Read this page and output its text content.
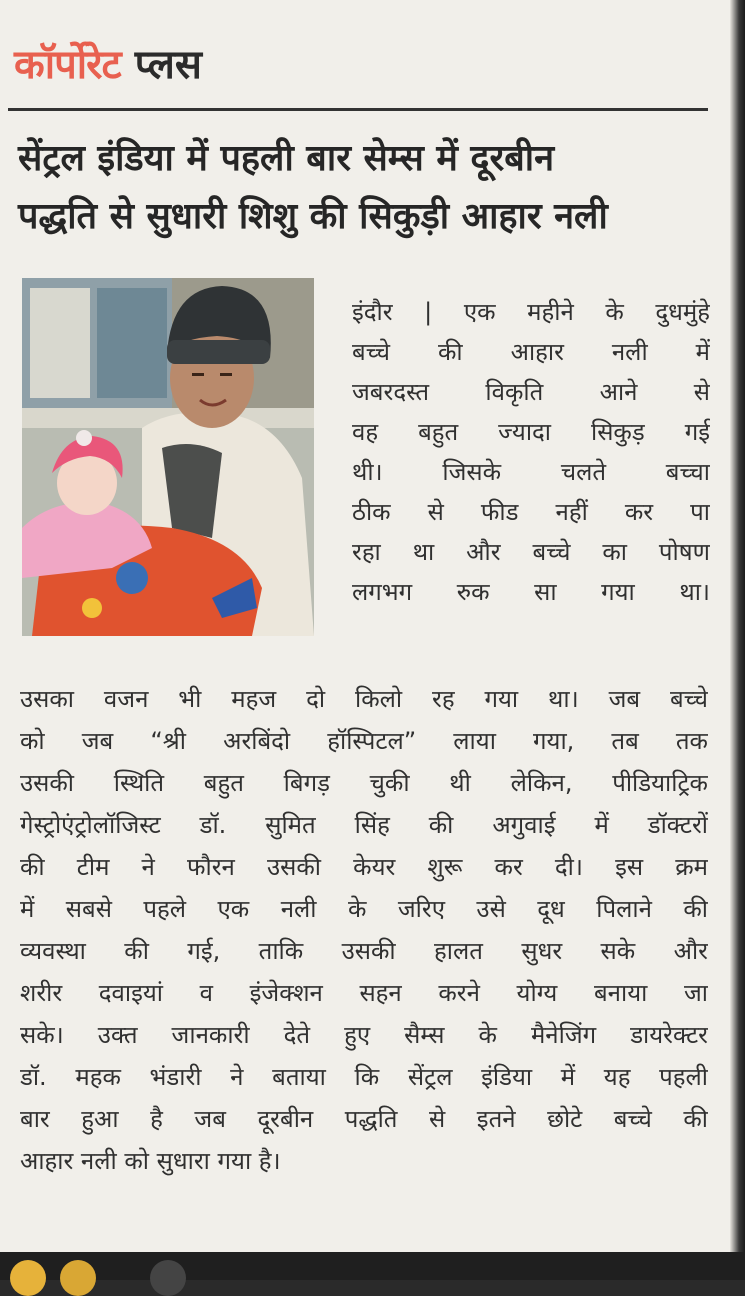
कॉर्पोरेट प्लस
सेंट्रल इंडिया में पहली बार सेम्स में दूरबीन
पद्धति से सुधारी शिशु की सिकुड़ी आहार नली
इंदौर | एक महीने के दुधमुंहे
बच्चे की आहार नली में
जबरदस्त विकृति आने से
वह बहुत ज्यादा सिकुड़ गई
थी। जिसके चलते बच्चा
ठीक से फीड नहीं कर पा
रहा था और बच्चे का पोषण
लगभग रुक सा गया था।
उसका वजन भी महज दो किलो रह गया था। जब बच्चे
को जब “श्री अरबिंदो हॉस्पिटल” लाया गया, तब तक
उसकी स्थिति बहुत बिगड़ चुकी थी लेकिन, पीडियाट्रिक
गेस्ट्रोएंट्रोलॉजिस्ट डॉ. सुमित सिंह की अगुवाई में डॉक्टरों
की टीम ने फौरन उसकी केयर शुरू कर दी। इस क्रम
में सबसे पहले एक नली के जरिए उसे दूध पिलाने की
व्यवस्था की गई, ताकि उसकी हालत सुधर सके और
शरीर दवाइयां व इंजेक्शन सहन करने योग्य बनाया जा
सके। उक्त जानकारी देते हुए सैम्स के मैनेजिंग डायरेक्टर
डॉ. महक भंडारी ने बताया कि सेंट्रल इंडिया में यह पहली
बार हुआ है जब दूरबीन पद्धति से इतने छोटे बच्चे की
आहार नली को सुधारा गया है।
